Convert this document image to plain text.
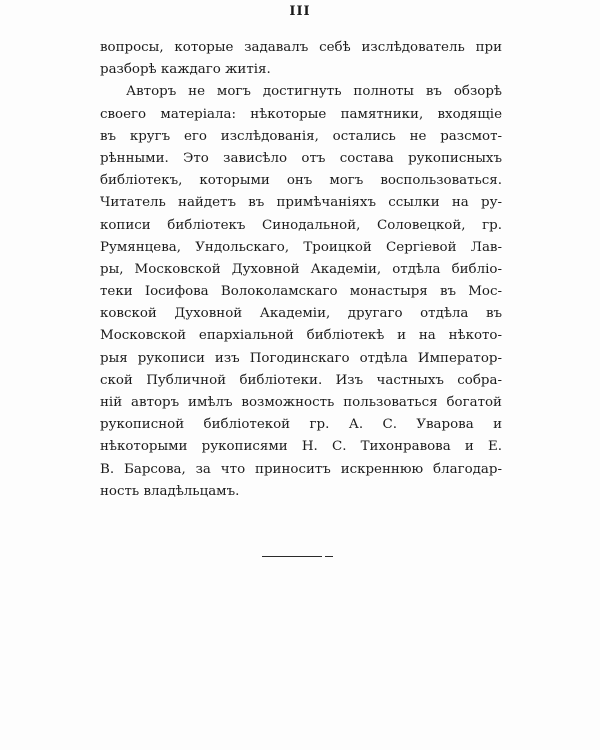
III
вопросы, которые задавалъ себѣ изслѣдователь при
разборѣ каждаго житія.
Авторъ не могъ достигнуть полноты въ обзорѣ
своего матеріала: нѣкоторые памятники, входящіе
въ кругъ его изслѣдованія, остались не разсмот-
рѣнными. Это зависѣло отъ состава рукописныхъ
библіотекъ, которыми онъ могъ воспользоваться.
Читатель найдетъ въ примѣчаніяхъ ссылки на ру-
кописи библіотекъ Синодальной, Соловецкой, гр.
Румянцева, Ундольскаго, Троицкой Сергіевой Лав-
ры, Московской Духовной Академіи, отдѣла библіо-
теки Іосифова Волоколамскаго монастыря въ Мос-
ковской Духовной Академіи, другаго отдѣла въ
Московской епархіальной библіотекѣ и на нѣкото-
рыя рукописи изъ Погодинскаго отдѣла Император-
ской Публичной библіотеки. Изъ частныхъ собра-
ній авторъ имѣлъ возможность пользоваться богатой
рукописной библіотекой гр. А. С. Уварова и
нѣкоторыми рукописями Н. С. Тихонравова и Е.
В. Барсова, за что приноситъ искреннюю благодар-
ность владѣльцамъ.
